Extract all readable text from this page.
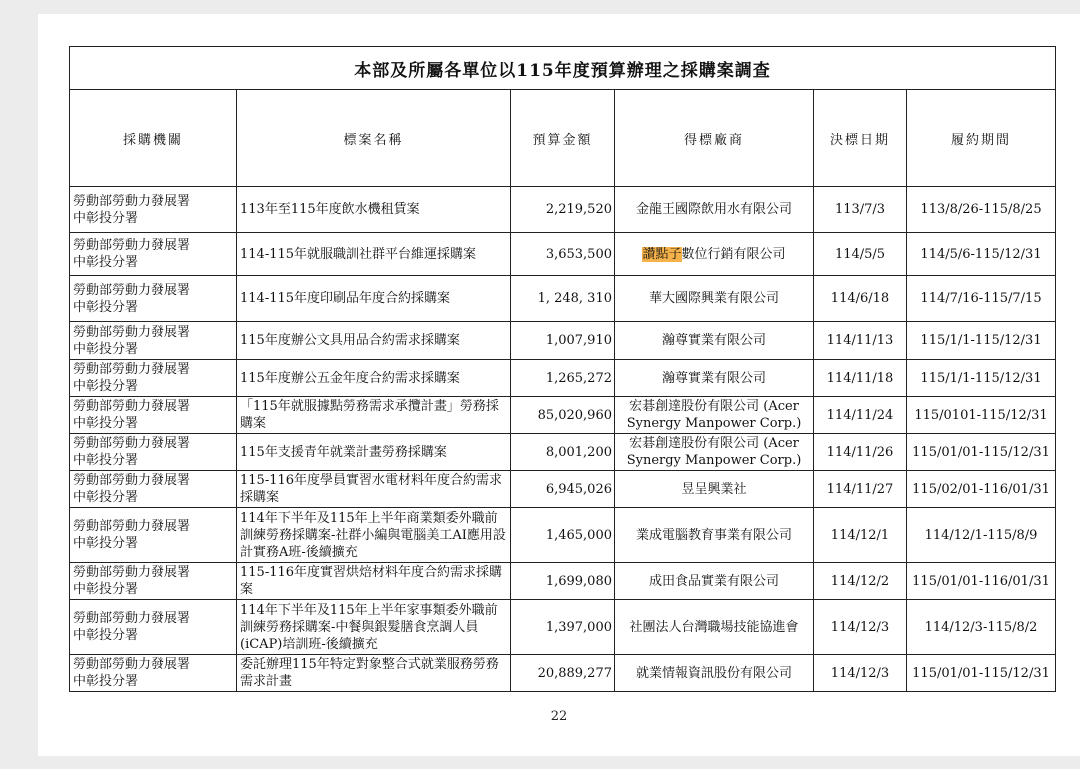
本部及所屬各單位以115年度預算辦理之採購案調查					
採購機關	標案名稱	預算金額	得標廠商	決標日期	履約期間

勞動部勞動力發展署
中彰投分署	113年至115年度飲水機租賃案	2,219,520	金龍王國際飲用水有限公司	113/7/3	113/8/26-115/8/25

勞動部勞動力發展署
中彰投分署	114-115年就服職訓社群平台維運採購案	3,653,500	讚點子數位行銷有限公司	114/5/5	114/5/6-115/12/31

勞動部勞動力發展署
中彰投分署	114-115年度印刷品年度合約採購案	1, 248, 310	華大國際興業有限公司	114/6/18	114/7/16-115/7/15

勞動部勞動力發展署
中彰投分署	115年度辦公文具用品合約需求採購案	1,007,910	瀚尊實業有限公司	114/11/13	115/1/1-115/12/31

勞動部勞動力發展署
中彰投分署	115年度辦公五金年度合約需求採購案	1,265,272	瀚尊實業有限公司	114/11/18	115/1/1-115/12/31

勞動部勞動力發展署
中彰投分署	「115年就服據點勞務需求承攬計畫」勞務採購案	85,020,960	宏碁創達股份有限公司 (Acer Synergy Manpower Corp.)	114/11/24	115/0101-115/12/31

勞動部勞動力發展署
中彰投分署	115年支援青年就業計畫勞務採購案	8,001,200	宏碁創達股份有限公司 (Acer Synergy Manpower Corp.)	114/11/26	115/01/01-115/12/31

勞動部勞動力發展署
中彰投分署	115-116年度學員實習水電材料年度合約需求採購案	6,945,026	昱呈興業社	114/11/27	115/02/01-116/01/31

勞動部勞動力發展署
中彰投分署	114年下半年及115年上半年商業類委外職前訓練勞務採購案-社群小編與電腦美工AI應用設計實務A班-後續擴充	1,465,000	業成電腦教育事業有限公司	114/12/1	114/12/1-115/8/9

勞動部勞動力發展署
中彰投分署	115-116年度實習烘焙材料年度合約需求採購案	1,699,080	成田食品實業有限公司	114/12/2	115/01/01-116/01/31

勞動部勞動力發展署
中彰投分署	114年下半年及115年上半年家事類委外職前訓練勞務採購案-中餐與銀髮膳食烹調人員(iCAP)培訓班-後續擴充	1,397,000	社團法人台灣職場技能協進會	114/12/3	114/12/3-115/8/2

勞動部勞動力發展署
中彰投分署	委託辦理115年特定對象整合式就業服務勞務需求計畫	20,889,277	就業情報資訊股份有限公司	114/12/3	115/01/01-115/12/31
22
